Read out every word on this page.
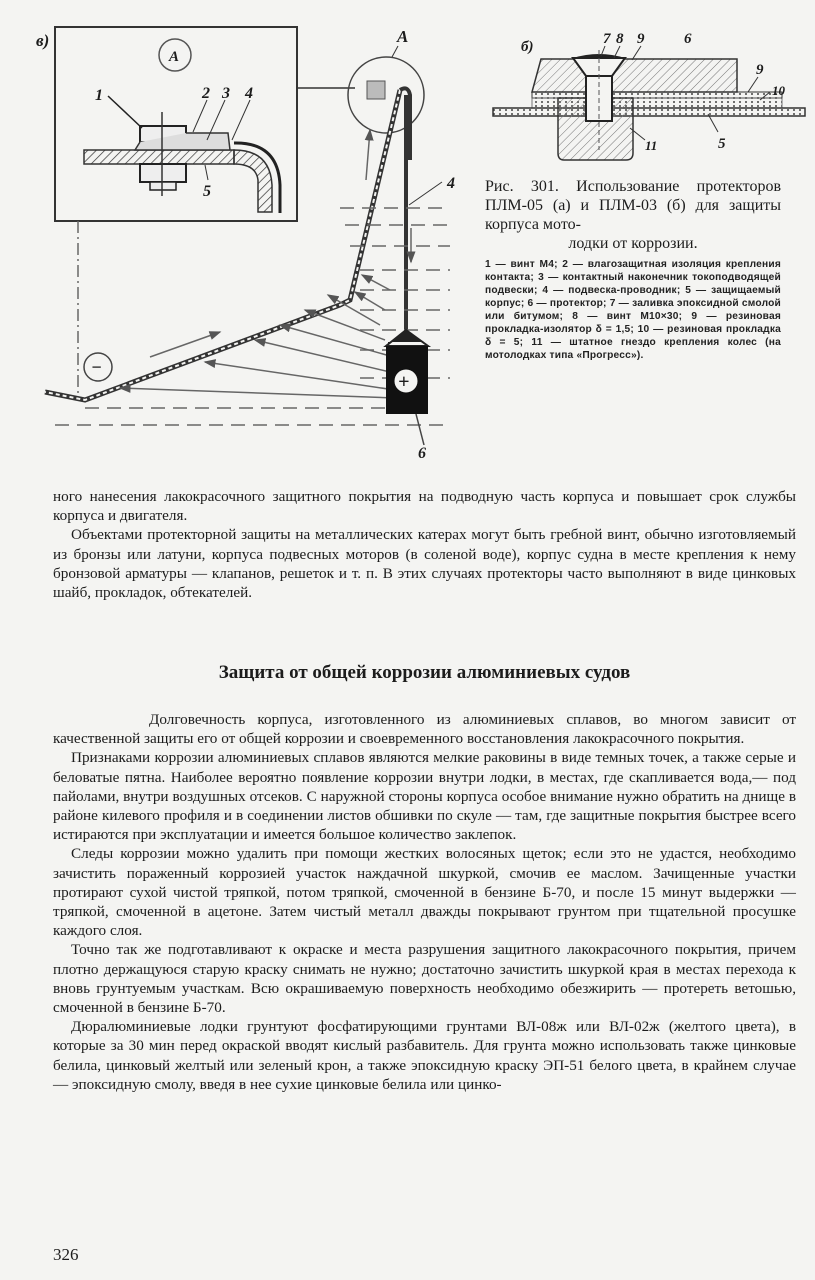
в)
A
1	2 3 4
5
A
4
−
+
6
б)	7 8 9	6
9
10
11	5
Рис. 301. Использование протекторов ПЛМ-05 (а) и ПЛМ-03 (б) для защиты корпуса мото-
лодки от коррозии.
1 — винт М4; 2 — влагозащитная изоляция крепления контакта; 3 — контактный наконечник токоподводящей подвески; 4 — подвеска-проводник; 5 — защищаемый корпус; 6 — протектор; 7 — заливка эпоксидной смолой или битумом; 8 — винт М10×30; 9 — резиновая прокладка-изолятор δ = 1,5; 10 — резиновая прокладка δ = 5; 11 — штатное гнездо крепления колес (на мотолодках типа «Прогресс»).

ного нанесения лакокрасочного защитного покрытия на подводную часть корпуса и повышает срок службы корпуса и двигателя.

Объектами протекторной защиты на металлических катерах могут быть гребной винт, обычно изготовляемый из бронзы или латуни, корпуса подвесных моторов (в соленой воде), корпус судна в месте крепления к нему бронзовой арматуры — клапанов, решеток и т. п. В этих случаях протекторы часто выполняют в виде цинковых шайб, прокладок, обтекателей.

Защита от общей коррозии алюминиевых судов

Долговечность корпуса, изготовленного из алюминиевых сплавов, во многом зависит от качественной защиты его от общей коррозии и своевременного восстановления лакокрасочного покрытия.

Признаками коррозии алюминиевых сплавов являются мелкие раковины в виде темных точек, а также серые и беловатые пятна. Наиболее вероятно появление коррозии внутри лодки, в местах, где скапливается вода,— под пайолами, внутри воздушных отсеков. С наружной стороны корпуса особое внимание нужно обратить на днище в районе килевого профиля и в соединении листов обшивки по скуле — там, где защитные покрытия быстрее всего истираются при эксплуатации и имеется большое количество заклепок.

Следы коррозии можно удалить при помощи жестких волосяных щеток; если это не удастся, необходимо зачистить пораженный коррозией участок наждачной шкуркой, смочив ее маслом. Зачищенные участки протирают сухой чистой тряпкой, потом тряпкой, смоченной в бензине Б-70, и после 15 минут выдержки — тряпкой, смоченной в ацетоне. Затем чистый металл дважды покрывают грунтом при тщательной просушке каждого слоя.

Точно так же подготавливают к окраске и места разрушения защитного лакокрасочного покрытия, причем плотно держащуюся старую краску снимать не нужно; достаточно зачистить шкуркой края в местах перехода к вновь грунтуемым участкам. Всю окрашиваемую поверхность необходимо обезжирить — протереть ветошью, смоченной в бензине Б-70.

Дюралюминиевые лодки грунтуют фосфатирующими грунтами ВЛ-08ж или ВЛ-02ж (желтого цвета), в которые за 30 мин перед окраской вводят кислый разбавитель. Для грунта можно использовать также цинковые белила, цинковый желтый или зеленый крон, а также эпоксидную краску ЭП-51 белого цвета, в крайнем случае — эпоксидную смолу, введя в нее сухие цинковые белила или цинко-

326
